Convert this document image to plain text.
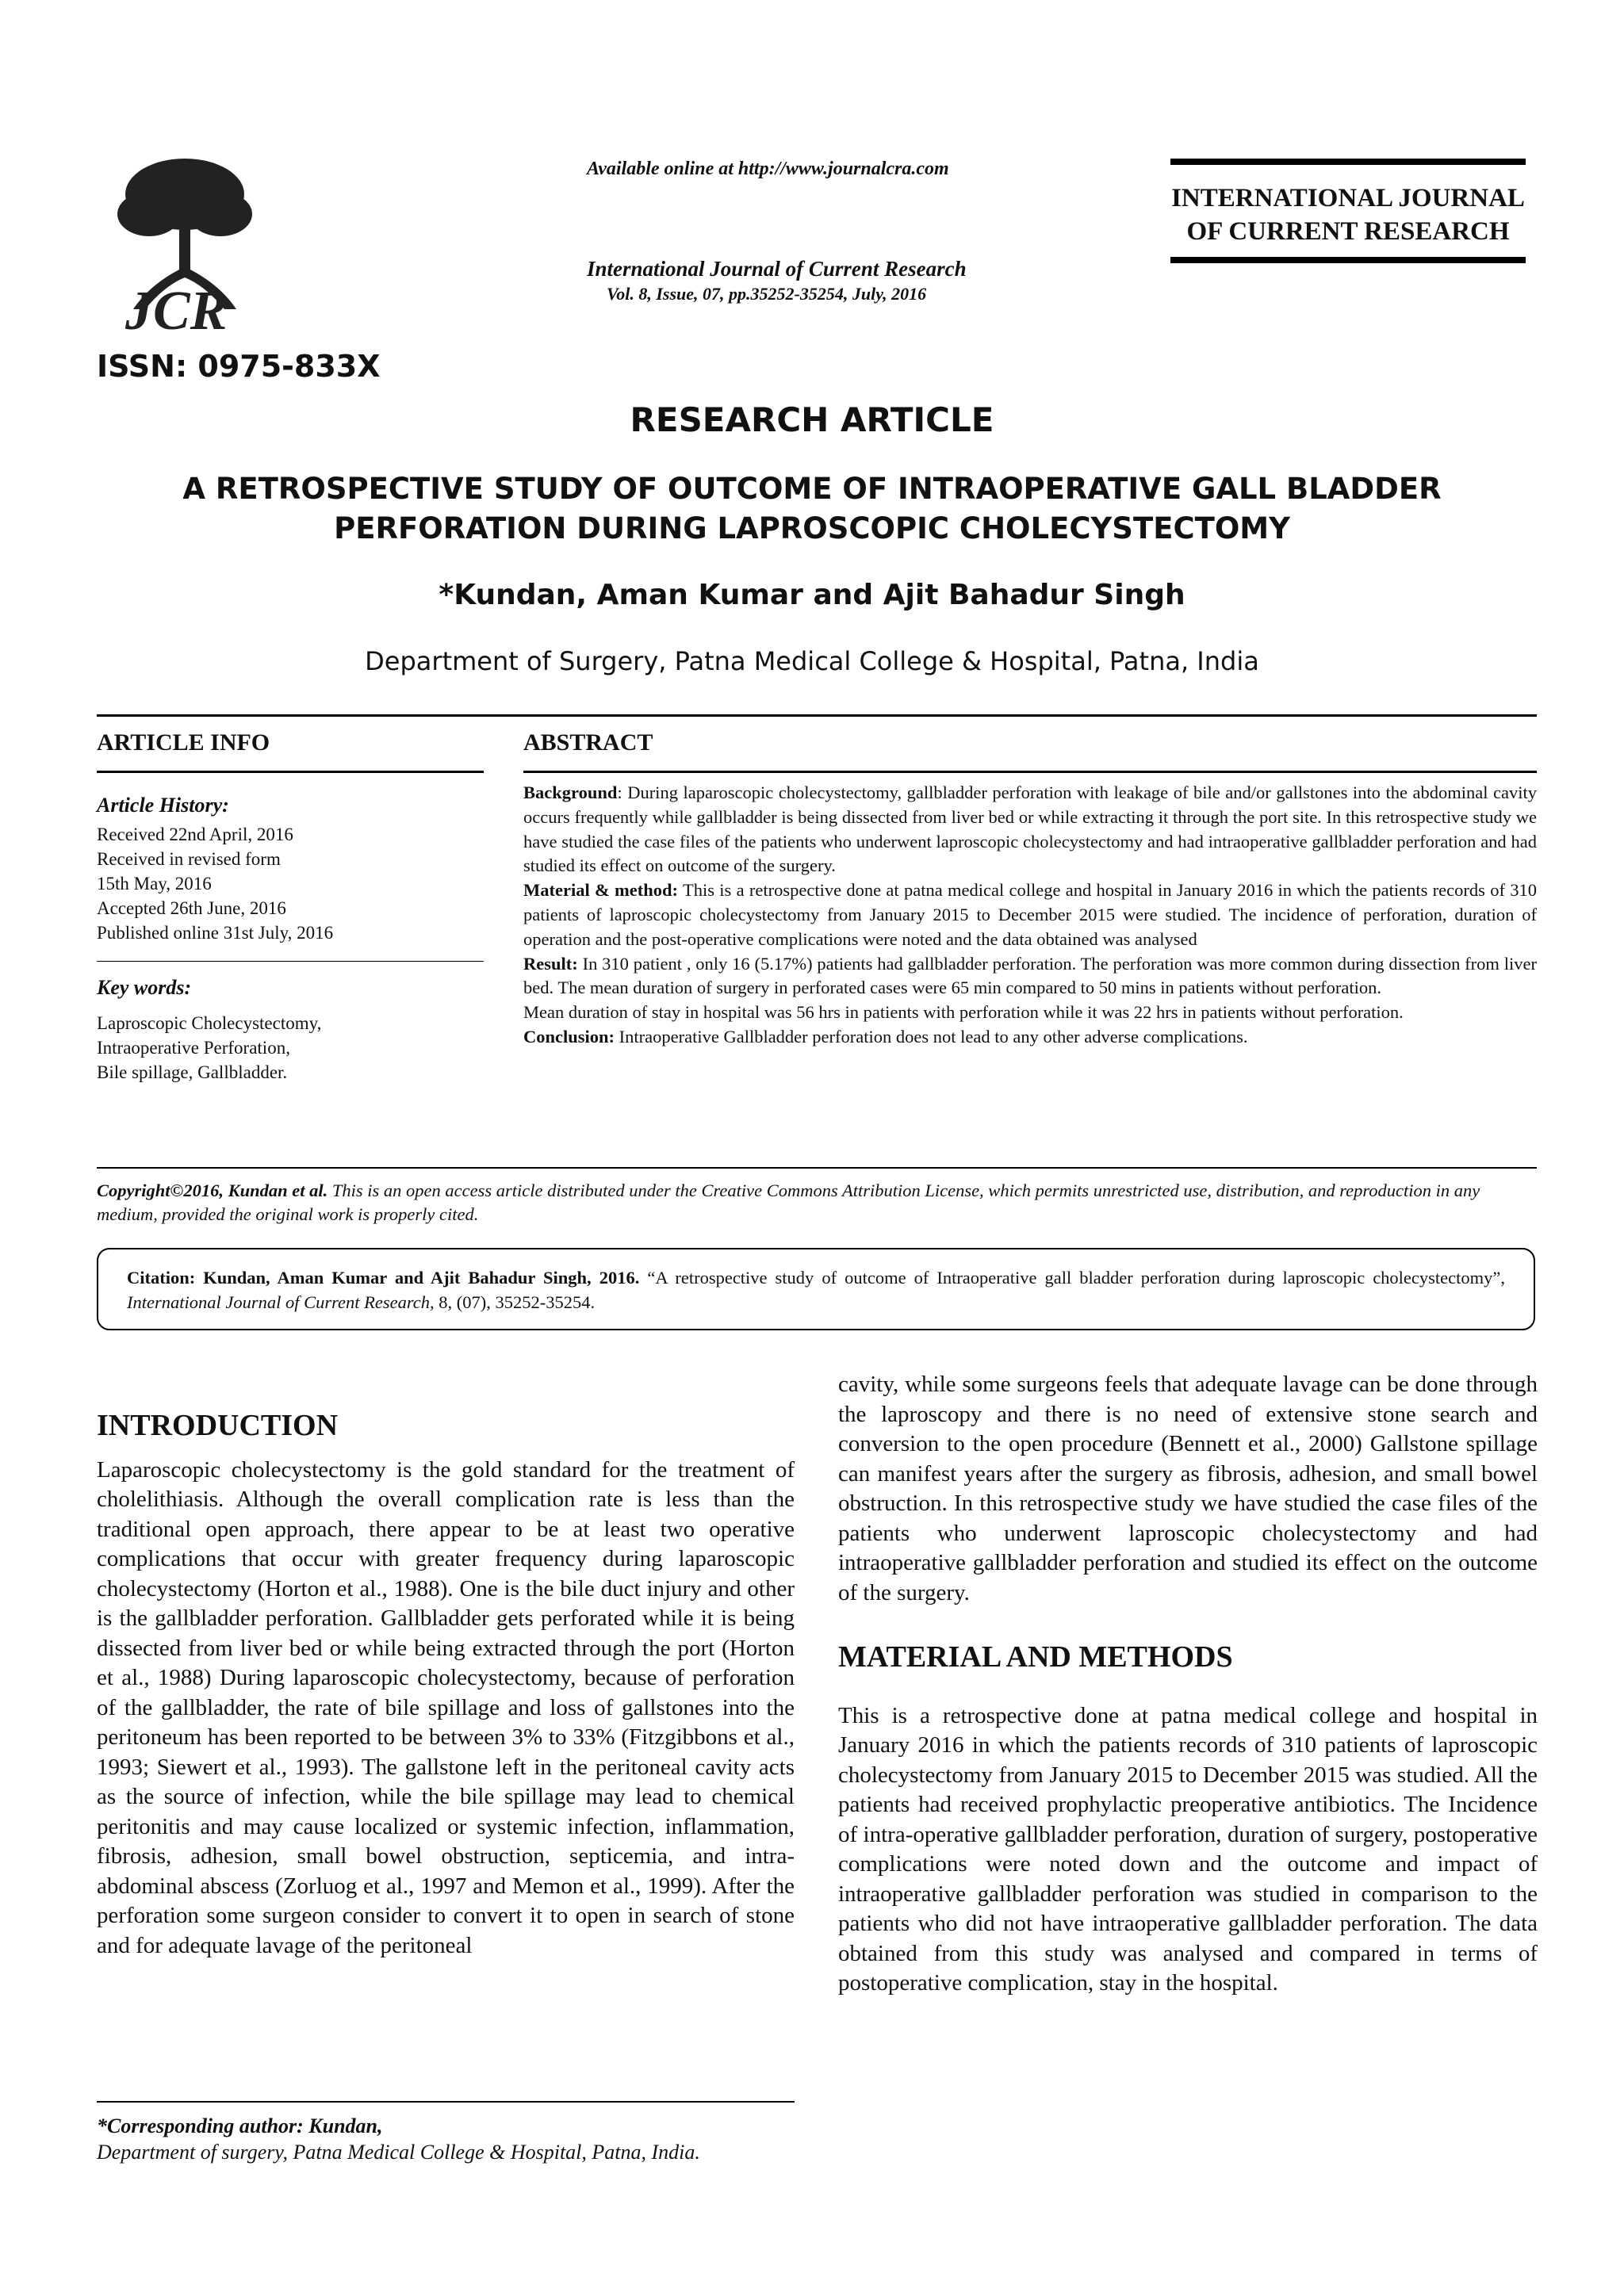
JCR
ISSN: 0975-833X
Available online at http://www.journalcra.com
International Journal of Current Research
Vol. 8, Issue, 07, pp.35252-35254, July, 2016
INTERNATIONAL JOURNAL
OF CURRENT RESEARCH
RESEARCH ARTICLE
A RETROSPECTIVE STUDY OF OUTCOME OF INTRAOPERATIVE GALL BLADDER PERFORATION DURING LAPROSCOPIC CHOLECYSTECTOMY
*Kundan, Aman Kumar and Ajit Bahadur Singh
Department of Surgery, Patna Medical College & Hospital, Patna, India
ARTICLE INFO
Article History:
Received 22nd April, 2016
Received in revised form
15th May, 2016
Accepted 26th June, 2016
Published online 31st July, 2016
Key words:
Laproscopic Cholecystectomy,
Intraoperative Perforation,
Bile spillage, Gallbladder.
ABSTRACT

Background: During laparoscopic cholecystectomy, gallbladder perforation with leakage of bile and/or gallstones into the abdominal cavity occurs frequently while gallbladder is being dissected from liver bed or while extracting it through the port site. In this retrospective study we have studied the case files of the patients who underwent laproscopic cholecystectomy and had intraoperative gallbladder perforation and had studied its effect on outcome of the surgery.

Material & method: This is a retrospective done at patna medical college and hospital in January 2016 in which the patients records of 310 patients of laproscopic cholecystectomy from January 2015 to December 2015 were studied. The incidence of perforation, duration of operation and the post-operative complications were noted and the data obtained was analysed

Result: In 310 patient , only 16 (5.17%) patients had gallbladder perforation. The perforation was more common during dissection from liver bed. The mean duration of surgery in perforated cases were 65 min compared to 50 mins in patients without perforation.

Mean duration of stay in hospital was 56 hrs in patients with perforation while it was 22 hrs in patients without perforation.

Conclusion: Intraoperative Gallbladder perforation does not lead to any other adverse complications.

Copyright©2016, Kundan et al. This is an open access article distributed under the Creative Commons Attribution License, which permits unrestricted use, distribution, and reproduction in any medium, provided the original work is properly cited.
Citation: Kundan, Aman Kumar and Ajit Bahadur Singh, 2016. “A retrospective study of outcome of Intraoperative gall bladder perforation during laproscopic cholecystectomy”, International Journal of Current Research, 8, (07), 35252-35254.
INTRODUCTION

Laparoscopic cholecystectomy is the gold standard for the treatment of cholelithiasis. Although the overall complication rate is less than the traditional open approach, there appear to be at least two operative complications that occur with greater frequency during laparoscopic cholecystectomy (Horton et al., 1988). One is the bile duct injury and other is the gallbladder perforation. Gallbladder gets perforated while it is being dissected from liver bed or while being extracted through the port (Horton et al., 1988) During laparoscopic cholecystectomy, because of perforation of the gallbladder, the rate of bile spillage and loss of gallstones into the peritoneum has been reported to be between 3% to 33% (Fitzgibbons et al., 1993; Siewert et al., 1993). The gallstone left in the peritoneal cavity acts as the source of infection, while the bile spillage may lead to chemical peritonitis and may cause localized or systemic infection, inflammation, fibrosis, adhesion, small bowel obstruction, septicemia, and intra-abdominal abscess (Zorluog et al., 1997 and Memon et al., 1999). After the perforation some surgeon consider to convert it to open in search of stone and for adequate lavage of the peritoneal

*Corresponding author: Kundan,
Department of surgery, Patna Medical College & Hospital, Patna, India.

cavity, while some surgeons feels that adequate lavage can be done through the laproscopy and there is no need of extensive stone search and conversion to the open procedure (Bennett et al., 2000) Gallstone spillage can manifest years after the surgery as fibrosis, adhesion, and small bowel obstruction. In this retrospective study we have studied the case files of the patients who underwent laproscopic cholecystectomy and had intraoperative gallbladder perforation and studied its effect on the outcome of the surgery.

MATERIAL AND METHODS

This is a retrospective done at patna medical college and hospital in January 2016 in which the patients records of 310 patients of laproscopic cholecystectomy from January 2015 to December 2015 was studied. All the patients had received prophylactic preoperative antibiotics. The Incidence of intra-operative gallbladder perforation, duration of surgery, postoperative complications were noted down and the outcome and impact of intraoperative gallbladder perforation was studied in comparison to the patients who did not have intraoperative gallbladder perforation. The data obtained from this study was analysed and compared in terms of postoperative complication, stay in the hospital.
